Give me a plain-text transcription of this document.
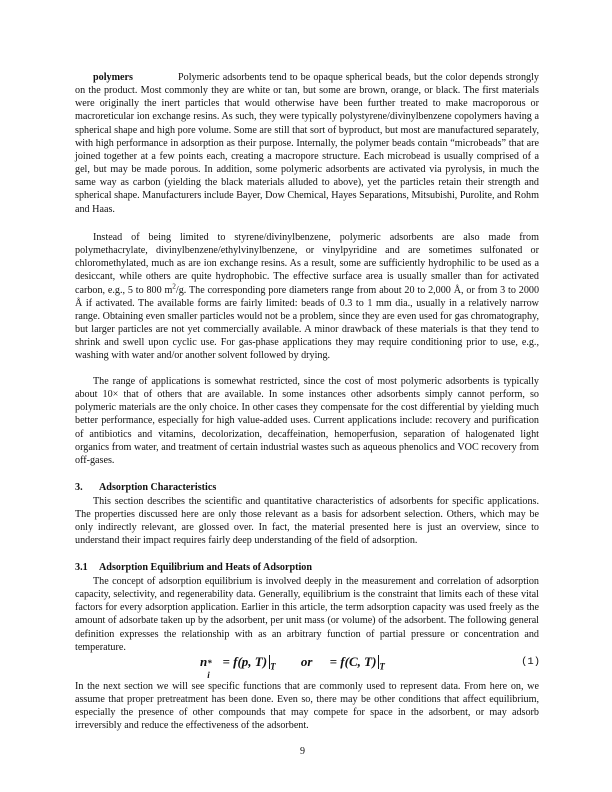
polymers	Polymeric adsorbents tend to be opaque spherical beads, but the color depends strongly on the product. Most commonly they are white or tan, but some are brown, orange, or black. The first materials were originally the inert particles that would otherwise have been further treated to make macroporous or macroreticular ion exchange resins. As such, they were typically polystyrene/divinylbenzene copolymers having a spherical shape and high pore volume. Some are still that sort of byproduct, but most are manufactured separately, with high performance in adsorption as their purpose. Internally, the polymer beads contain “microbeads” that are joined together at a few points each, creating a macropore structure. Each microbead is usually comprised of a gel, but may be made porous. In addition, some polymeric adsorbents are activated via pyrolysis, in much the same way as carbon (yielding the black materials alluded to above), yet the particles retain their strength and spherical shape. Manufacturers include Bayer, Dow Chemical, Hayes Separations, Mitsubishi, Purolite, and Rohm and Haas.
Instead of being limited to styrene/divinylbenzene, polymeric adsorbents are also made from polymethacrylate, divinylbenzene/ethylvinylbenzene, or vinylpyridine and are sometimes sulfonated or chloromethylated, much as are ion exchange resins. As a result, some are sufficiently hydrophilic to be used as a desiccant, while others are quite hydrophobic. The effective surface area is usually smaller than for activated carbon, e.g., 5 to 800 $m^2/g$. The corresponding pore diameters range from about 20 to 2,000 Å, or from 3 to 2000 Å if activated. The available forms are fairly limited: beads of 0.3 to 1 mm dia., usually in a relatively narrow range. Obtaining even smaller particles would not be a problem, since they are even used for gas chromatography, but larger particles are not yet commercially available. A minor drawback of these materials is that they tend to shrink and swell upon cyclic use. For gas-phase applications they may require conditioning prior to use, e.g., washing with water and/or another solvent followed by drying.
The range of applications is somewhat restricted, since the cost of most polymeric adsorbents is typically about 10× that of others that are available. In some instances other adsorbents simply cannot perform, so polymeric materials are the only choice. In other cases they compensate for the cost differential by yielding much better performance, especially for high value-added uses. Current applications include: recovery and purification of antibiotics and vitamins, decolorization, decaffeination, hemoperfusion, separation of halogenated light organics from water, and treatment of certain industrial wastes such as aqueous phenolics and VOC recovery from off-gases.
3. Adsorption Characteristics
This section describes the scientific and quantitative characteristics of adsorbents for specific applications. The properties discussed here are only those relevant as a basis for adsorbent selection. Others, which may be only indirectly relevant, are glossed over. In fact, the material presented here is just an overview, since to understand their impact requires fairly deep understanding of the field of adsorption.
3.1 Adsorption Equilibrium and Heats of Adsorption
The concept of adsorption equilibrium is involved deeply in the measurement and correlation of adsorption capacity, selectivity, and regenerability data. Generally, equilibrium is the constraint that limits each of these vital factors for every adsorption application. Earlier in this article, the term adsorption capacity was used freely as the amount of adsorbate taken up by the adsorbent, per unit mass (or volume) of the adsorbent. The following general definition expresses the relationship with as an arbitrary function of partial pressure or concentration and temperature.
n *
i
= f(p, T) $_T$ or = f(C, T) $_T$	(1)
In the next section we will see specific functions that are commonly used to represent data. From here on, we assume that proper pretreatment has been done. Even so, there may be other conditions that affect equilibrium, especially the presence of other compounds that may compete for space in the adsorbent, or may adsorb irreversibly and reduce the effectiveness of the adsorbent.
9
